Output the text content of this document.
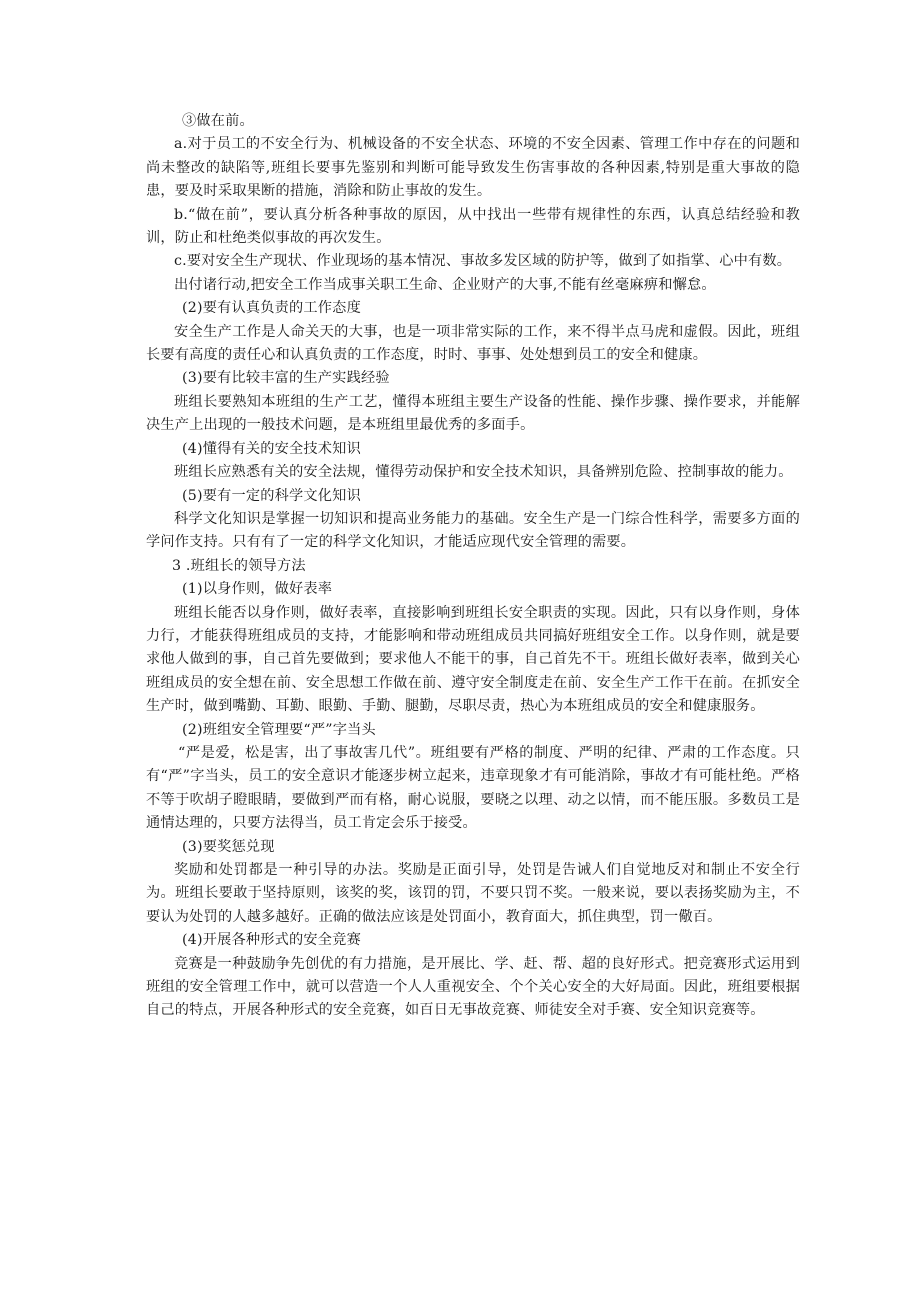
③做在前。

a.对于员工的不安全行为、机械设备的不安全状态、环境的不安全因素、管理工作中存在的问题和尚未整改的缺陷等,班组长要事先鉴别和判断可能导致发生伤害事故的各种因素,特别是重大事故的隐患，要及时采取果断的措施，消除和防止事故的发生。

b.“做在前”，要认真分析各种事故的原因，从中找出一些带有规律性的东西，认真总结经验和教训，防止和杜绝类似事故的再次发生。

c.要对安全生产现状、作业现场的基本情况、事故多发区域的防护等，做到了如指掌、心中有数。

出付诸行动,把安全工作当成事关职工生命、企业财产的大事,不能有丝毫麻痹和懈怠。

(2)要有认真负责的工作态度

安全生产工作是人命关天的大事，也是一项非常实际的工作，来不得半点马虎和虚假。因此，班组长要有高度的责任心和认真负责的工作态度，时时、事事、处处想到员工的安全和健康。

(3)要有比较丰富的生产实践经验

班组长要熟知本班组的生产工艺，懂得本班组主要生产设备的性能、操作步骤、操作要求，并能解决生产上出现的一般技术问题，是本班组里最优秀的多面手。

(4)懂得有关的安全技术知识

班组长应熟悉有关的安全法规，懂得劳动保护和安全技术知识，具备辨别危险、控制事故的能力。

(5)要有一定的科学文化知识

科学文化知识是掌握一切知识和提高业务能力的基础。安全生产是一门综合性科学，需要多方面的学问作支持。只有有了一定的科学文化知识，才能适应现代安全管理的需要。

3 .班组长的领导方法

(1)以身作则，做好表率

班组长能否以身作则，做好表率，直接影响到班组长安全职责的实现。因此，只有以身作则，身体力行，才能获得班组成员的支持，才能影响和带动班组成员共同搞好班组安全工作。以身作则，就是要求他人做到的事，自己首先要做到；要求他人不能干的事，自己首先不干。班组长做好表率，做到关心班组成员的安全想在前、安全思想工作做在前、遵守安全制度走在前、安全生产工作干在前。在抓安全生产时，做到嘴勤、耳勤、眼勤、手勤、腿勤，尽职尽责，热心为本班组成员的安全和健康服务。

(2)班组安全管理要“严”字当头

“严是爱，松是害，出了事故害几代”。班组要有严格的制度、严明的纪律、严肃的工作态度。只有“严”字当头，员工的安全意识才能逐步树立起来，违章现象才有可能消除，事故才有可能杜绝。严格不等于吹胡子瞪眼睛，要做到严而有格，耐心说服，要晓之以理、动之以情，而不能压服。多数员工是通情达理的，只要方法得当，员工肯定会乐于接受。

(3)要奖惩兑现

奖励和处罚都是一种引导的办法。奖励是正面引导，处罚是告诫人们自觉地反对和制止不安全行为。班组长要敢于坚持原则，该奖的奖，该罚的罚，不要只罚不奖。一般来说，要以表扬奖励为主，不要认为处罚的人越多越好。正确的做法应该是处罚面小，教育面大，抓住典型，罚一儆百。

(4)开展各种形式的安全竞赛

竞赛是一种鼓励争先创优的有力措施，是开展比、学、赶、帮、超的良好形式。把竞赛形式运用到班组的安全管理工作中，就可以营造一个人人重视安全、个个关心安全的大好局面。因此，班组要根据自己的特点，开展各种形式的安全竞赛，如百日无事故竞赛、师徒安全对手赛、安全知识竞赛等。
